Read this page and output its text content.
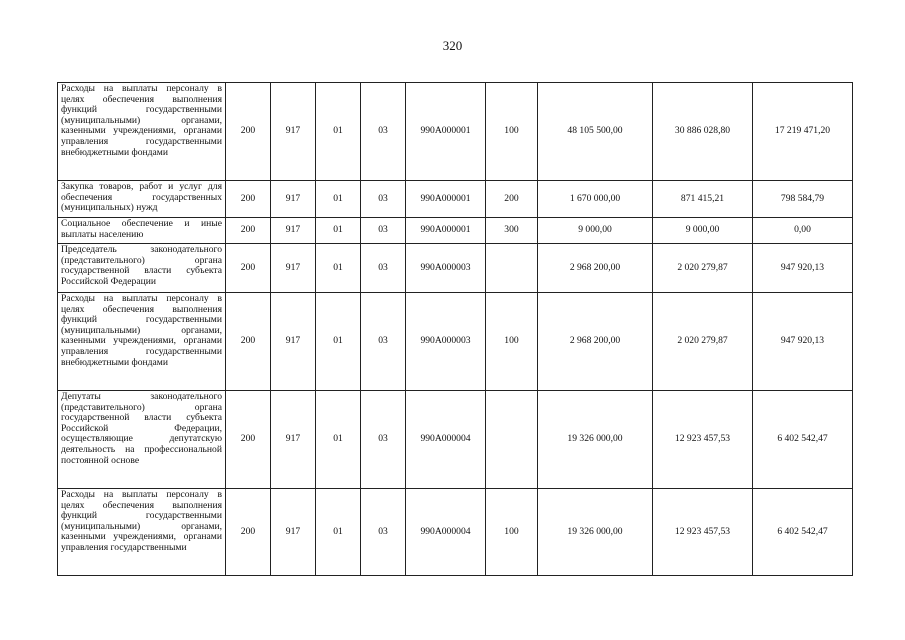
320
Расходы на выплаты персоналу в целях обеспечения выполнения функций государственными (муниципальными) органами, казенными учреждениями, органами управления государственными внебюджетными фондами	200	917	01	03	990А000001	100	48 105 500,00	30 886 028,80	17 219 471,20
Закупка товаров, работ и услуг для обеспечения государственных (муниципальных) нужд	200	917	01	03	990А000001	200	1 670 000,00	871 415,21	798 584,79
Социальное обеспечение и иные выплаты населению	200	917	01	03	990А000001	300	9 000,00	9 000,00	0,00
Председатель законодательного (представительного) органа государственной власти субъекта Российской Федерации	200	917	01	03	990А000003		2 968 200,00	2 020 279,87	947 920,13
Расходы на выплаты персоналу в целях обеспечения выполнения функций государственными (муниципальными) органами, казенными учреждениями, органами управления государственными внебюджетными фондами	200	917	01	03	990А000003	100	2 968 200,00	2 020 279,87	947 920,13
Депутаты законодательного (представительного) органа государственной власти субъекта Российской Федерации, осуществляющие депутатскую деятельность на профессиональной постоянной основе	200	917	01	03	990А000004		19 326 000,00	12 923 457,53	6 402 542,47
Расходы на выплаты персоналу в целях обеспечения выполнения функций государственными (муниципальными) органами, казенными учреждениями, органами управления государственными	200	917	01	03	990А000004	100	19 326 000,00	12 923 457,53	6 402 542,47
